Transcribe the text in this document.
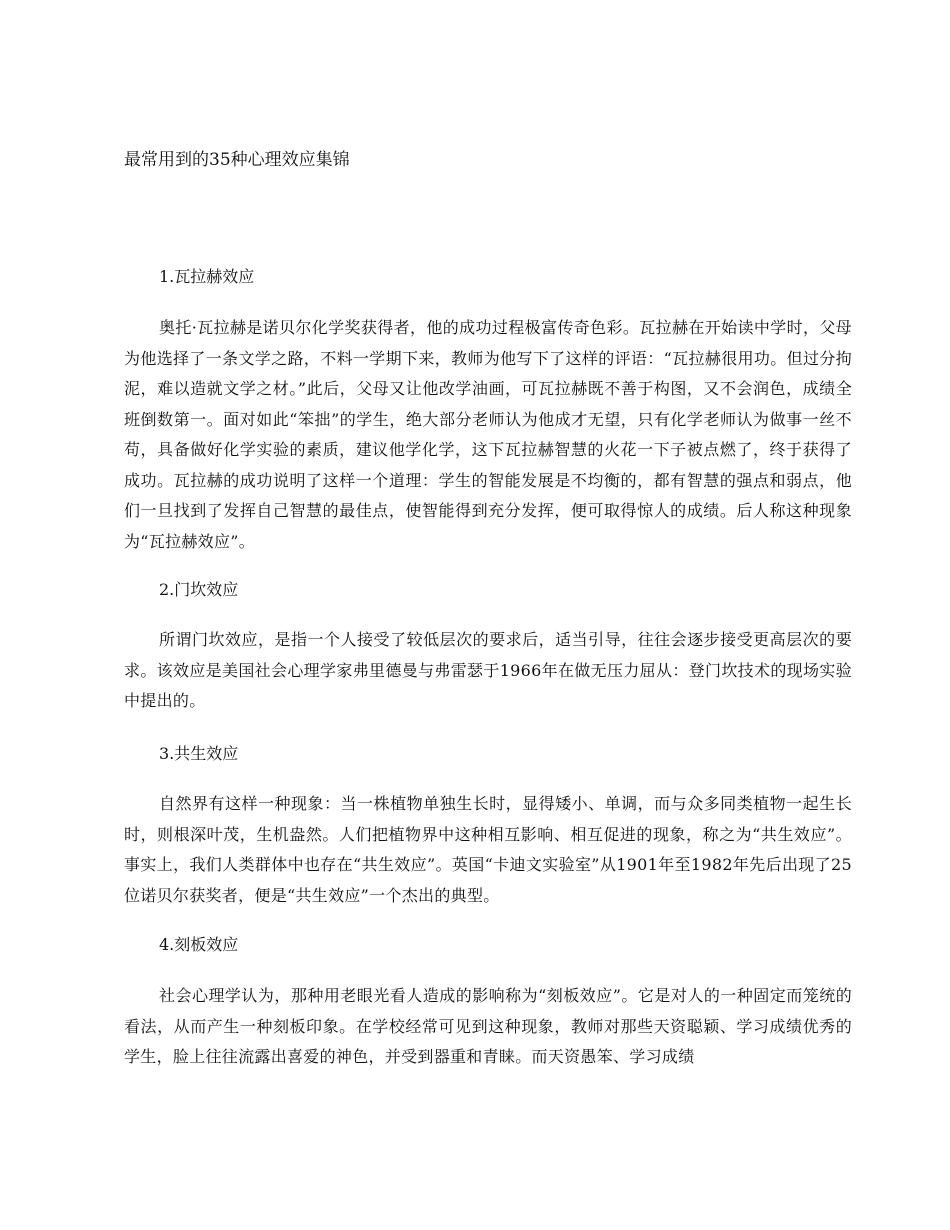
最常用到的35种心理效应集锦
1.瓦拉赫效应

奥托·瓦拉赫是诺贝尔化学奖获得者，他的成功过程极富传奇色彩。瓦拉赫在开始读中学时，父母为他选择了一条文学之路，不料一学期下来，教师为他写下了这样的评语：“瓦拉赫很用功。但过分拘泥，难以造就文学之材。”此后，父母又让他改学油画，可瓦拉赫既不善于构图，又不会润色，成绩全班倒数第一。面对如此“笨拙”的学生，绝大部分老师认为他成才无望，只有化学老师认为做事一丝不苟，具备做好化学实验的素质，建议他学化学，这下瓦拉赫智慧的火花一下子被点燃了，终于获得了成功。瓦拉赫的成功说明了这样一个道理：学生的智能发展是不均衡的，都有智慧的强点和弱点，他们一旦找到了发挥自己智慧的最佳点，使智能得到充分发挥，便可取得惊人的成绩。后人称这种现象为“瓦拉赫效应”。

2.门坎效应

所谓门坎效应，是指一个人接受了较低层次的要求后，适当引导，往往会逐步接受更高层次的要求。该效应是美国社会心理学家弗里德曼与弗雷瑟于1966年在做无压力屈从：登门坎技术的现场实验中提出的。

3.共生效应

自然界有这样一种现象：当一株植物单独生长时，显得矮小、单调，而与众多同类植物一起生长时，则根深叶茂，生机盎然。人们把植物界中这种相互影响、相互促进的现象，称之为“共生效应”。事实上，我们人类群体中也存在“共生效应”。英国“卡迪文实验室”从1901年至1982年先后出现了25位诺贝尔获奖者，便是“共生效应”一个杰出的典型。

4.刻板效应

社会心理学认为，那种用老眼光看人造成的影响称为“刻板效应”。它是对人的一种固定而笼统的看法，从而产生一种刻板印象。在学校经常可见到这种现象，教师对那些天资聪颖、学习成绩优秀的学生，脸上往往流露出喜爱的神色，并受到器重和青睐。而天资愚笨、学习成绩
